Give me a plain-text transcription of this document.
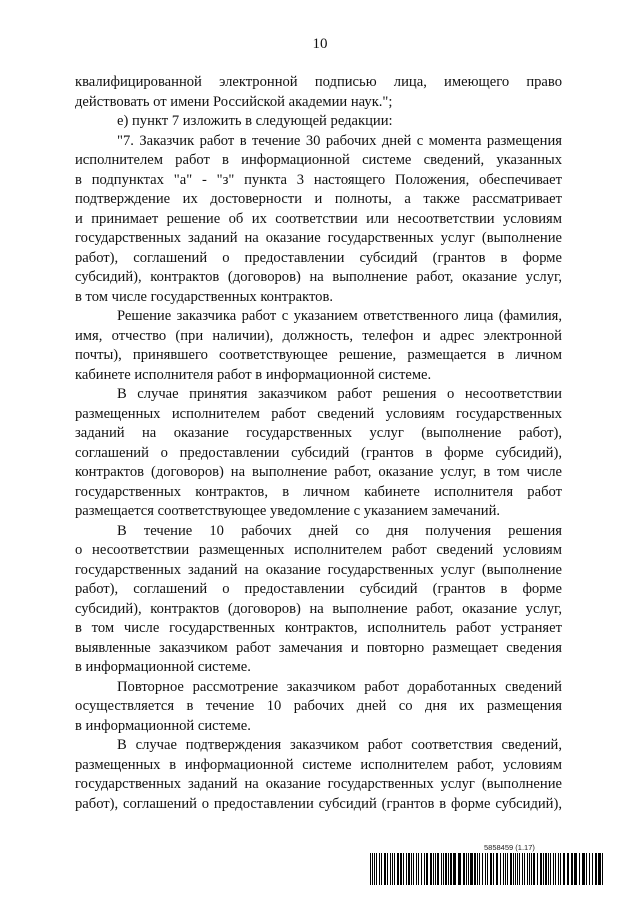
10

квалифицированной электронной подписью лица, имеющего право

действовать от имени Российской академии наук.";

е) пункт 7 изложить в следующей редакции:

"7. Заказчик работ в течение 30 рабочих дней с момента размещения

исполнителем работ в информационной системе сведений, указанных

в подпунктах "а" - "з" пункта 3 настоящего Положения, обеспечивает

подтверждение их достоверности и полноты, а также рассматривает

и принимает решение об их соответствии или несоответствии условиям

государственных заданий на оказание государственных услуг (выполнение

работ), соглашений о предоставлении субсидий (грантов в форме

субсидий), контрактов (договоров) на выполнение работ, оказание услуг,

в том числе государственных контрактов.

Решение заказчика работ с указанием ответственного лица (фамилия,

имя, отчество (при наличии), должность, телефон и адрес электронной

почты), принявшего соответствующее решение, размещается в личном

кабинете исполнителя работ в информационной системе.

В случае принятия заказчиком работ решения о несоответствии

размещенных исполнителем работ сведений условиям государственных

заданий на оказание государственных услуг (выполнение работ),

соглашений о предоставлении субсидий (грантов в форме субсидий),

контрактов (договоров) на выполнение работ, оказание услуг, в том числе

государственных контрактов, в личном кабинете исполнителя работ

размещается соответствующее уведомление с указанием замечаний.

В течение 10 рабочих дней со дня получения решения

о несоответствии размещенных исполнителем работ сведений условиям

государственных заданий на оказание государственных услуг (выполнение

работ), соглашений о предоставлении субсидий (грантов в форме

субсидий), контрактов (договоров) на выполнение работ, оказание услуг,

в том числе государственных контрактов, исполнитель работ устраняет

выявленные заказчиком работ замечания и повторно размещает сведения

в информационной системе.

Повторное рассмотрение заказчиком работ доработанных сведений

осуществляется в течение 10 рабочих дней со дня их размещения

в информационной системе.

В случае подтверждения заказчиком работ соответствия сведений,

размещенных в информационной системе исполнителем работ, условиям

государственных заданий на оказание государственных услуг (выполнение

работ), соглашений о предоставлении субсидий (грантов в форме субсидий),

5858459 (1.17)
